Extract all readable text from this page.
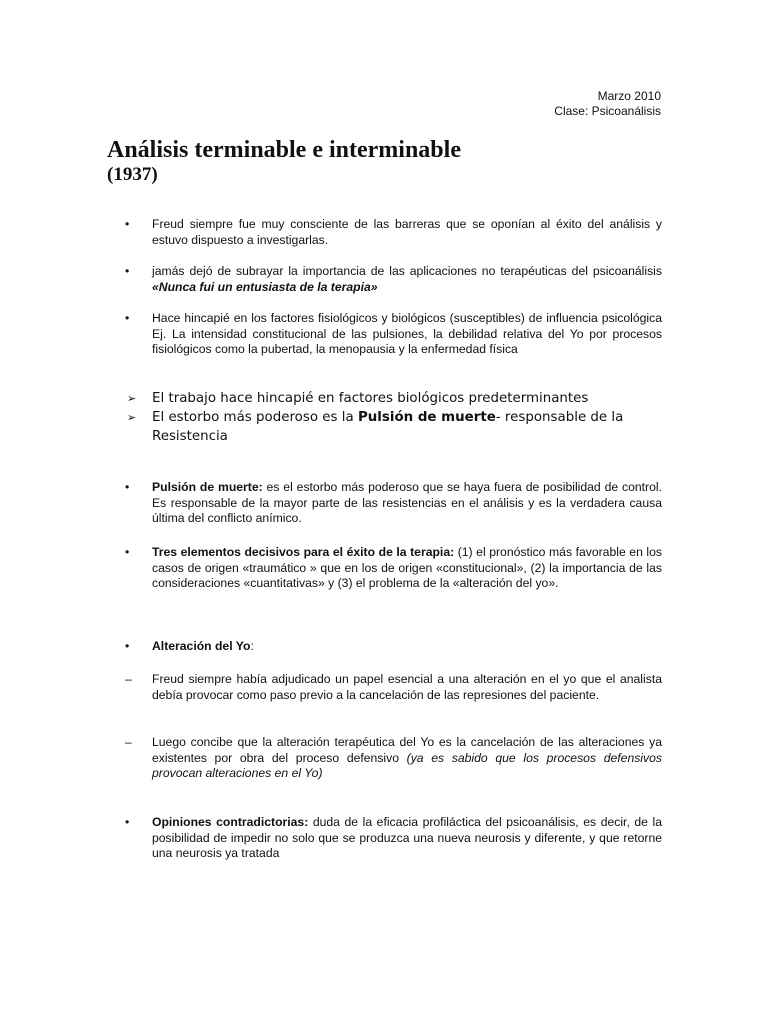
Marzo 2010
Clase: Psicoanálisis
Análisis terminable e interminable
(1937)
•	Freud siempre fue muy consciente de las barreras que se oponían al éxito del análisis y estuvo dispuesto a investigarlas.
•	jamás dejó de subrayar la importancia de las aplicaciones no terapéuticas del psicoanálisis «Nunca fui un entusiasta de la terapia»
•	Hace hincapié en los factores fisiológicos y biológicos (susceptibles) de influencia psicológica Ej. La intensidad constitucional de las pulsiones, la debilidad relativa del Yo por procesos fisiológicos como la pubertad, la menopausia y la enfermedad física
➢	El trabajo hace hincapié en factores biológicos predeterminantes
➢	El estorbo más poderoso es la Pulsión de muerte- responsable de la Resistencia
•	Pulsión de muerte: es el estorbo más poderoso que se haya fuera de posibilidad de control. Es responsable de la mayor parte de las resistencias en el análisis y es la verdadera causa última del conflicto anímico.
•	Tres elementos decisivos para el éxito de la terapia: (1) el pronóstico más favorable en los casos de origen «traumático » que en los de origen «constitucional», (2) la importancia de las consideraciones «cuantitativas» y (3) el problema de la «alteración del yo».
•	Alteración del Yo:
–	Freud siempre había adjudicado un papel esencial a una alteración en el yo que el analista debía provocar como paso previo a la cancelación de las represiones del paciente.
–	Luego concibe que la alteración terapéutica del Yo es la cancelación de las alteraciones ya existentes por obra del proceso defensivo (ya es sabido que los procesos defensivos provocan alteraciones en el Yo)
•	Opiniones contradictorias: duda de la eficacia profiláctica del psicoanálisis, es decir, de la posibilidad de impedir no solo que se produzca una nueva neurosis y diferente, y que retorne una neurosis ya tratada
